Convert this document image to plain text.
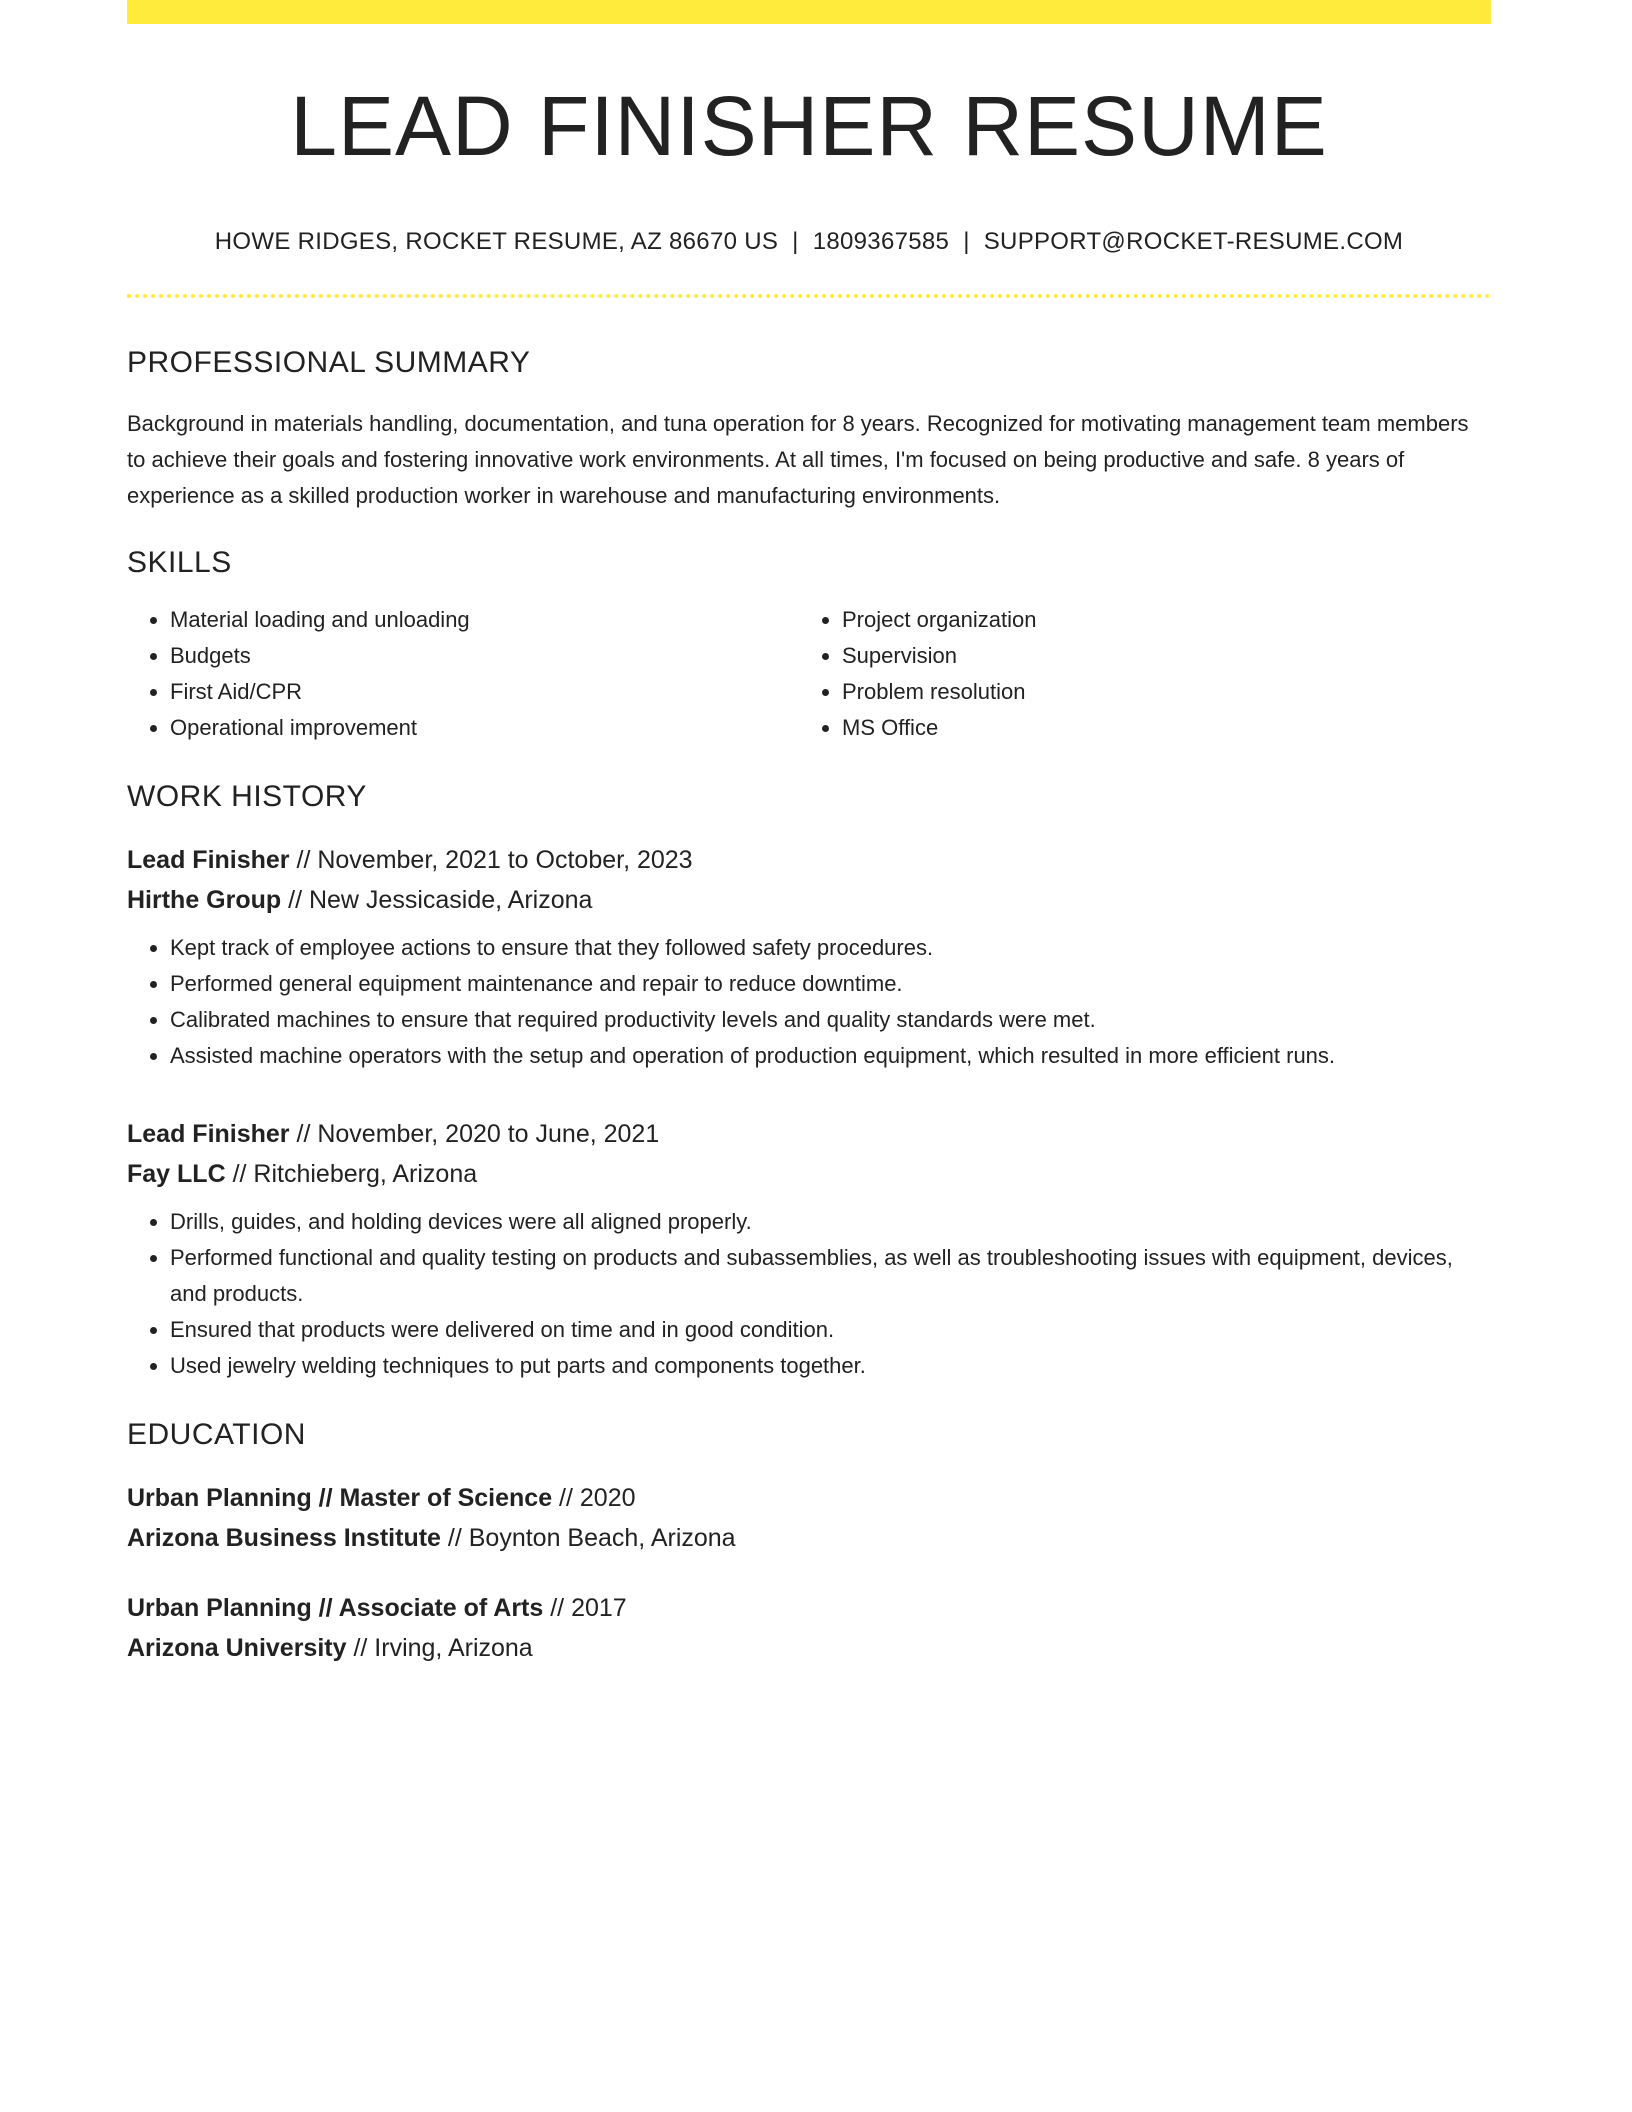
LEAD FINISHER RESUME
HOWE RIDGES, ROCKET RESUME, AZ 86670 US | 1809367585 | SUPPORT@ROCKET-RESUME.COM
PROFESSIONAL SUMMARY
Background in materials handling, documentation, and tuna operation for 8 years. Recognized for motivating management team members to achieve their goals and fostering innovative work environments. At all times, I'm focused on being productive and safe. 8 years of experience as a skilled production worker in warehouse and manufacturing environments.
SKILLS
• Material loading and unloading
• Budgets
• First Aid/CPR
• Operational improvement
• Project organization
• Supervision
• Problem resolution
• MS Office
WORK HISTORY
Lead Finisher // November, 2021 to October, 2023
Hirthe Group // New Jessicaside, Arizona
• Kept track of employee actions to ensure that they followed safety procedures.
• Performed general equipment maintenance and repair to reduce downtime.
• Calibrated machines to ensure that required productivity levels and quality standards were met.
• Assisted machine operators with the setup and operation of production equipment, which resulted in more efficient runs.
Lead Finisher // November, 2020 to June, 2021
Fay LLC // Ritchieberg, Arizona
• Drills, guides, and holding devices were all aligned properly.
• Performed functional and quality testing on products and subassemblies, as well as troubleshooting issues with equipment, devices, and products.
• Ensured that products were delivered on time and in good condition.
• Used jewelry welding techniques to put parts and components together.
EDUCATION
Urban Planning // Master of Science // 2020
Arizona Business Institute // Boynton Beach, Arizona
Urban Planning // Associate of Arts // 2017
Arizona University // Irving, Arizona
